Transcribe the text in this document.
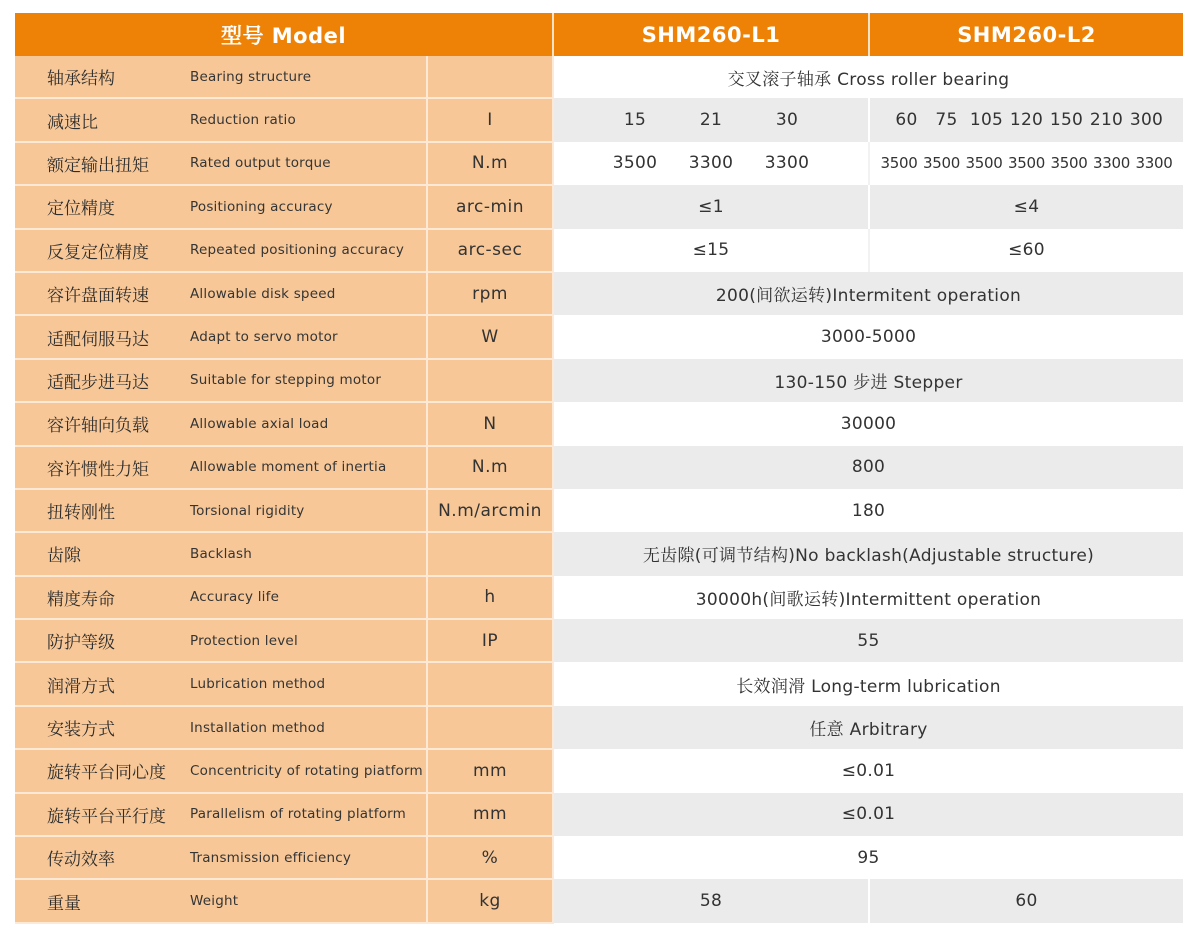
型号 Model			SHM260-L1	SHM260-L2
轴承结构	Bearing structure		交叉滚子轴承 Cross roller bearing	
减速比	Reduction ratio	I	15	21	30	60	75 105 120 150 210 300

额定输出扭矩	Rated output torque	N.m	3500	3300	3300	3500 3500 3500 3500 3500 3300 3300

定位精度	Positioning accuracy	arc-min	≤1	≤4
反复定位精度	Repeated positioning accuracy	arc-sec	≤15	≤60
容许盘面转速	Allowable disk speed	rpm	200(间欲运转)Intermitent operation	
适配伺服马达	Adapt to servo motor	W	3000-5000	
适配步进马达	Suitable for stepping motor		130-150 步进 Stepper	
容许轴向负载	Allowable axial load	N	30000	
容许惯性力矩	Allowable moment of inertia	N.m	800	
扭转刚性	Torsional rigidity	N.m/arcmin	180	
齿隙	Backlash		无齿隙(可调节结构)No backlash(Adjustable structure)	
精度寿命	Accuracy life	h	30000h(间歌运转)Intermittent operation	
防护等级	Protection level	IP	55	
润滑方式	Lubrication method		长效润滑 Long-term lubrication	
安装方式	Installation method		任意 Arbitrary	
旋转平台同心度	Concentricity of rotating piatform	mm	≤0.01	
旋转平台平行度	Parallelism of rotating platform	mm	≤0.01	
传动效率	Transmission efficiency	%	95	
重量	Weight	kg	58	60
